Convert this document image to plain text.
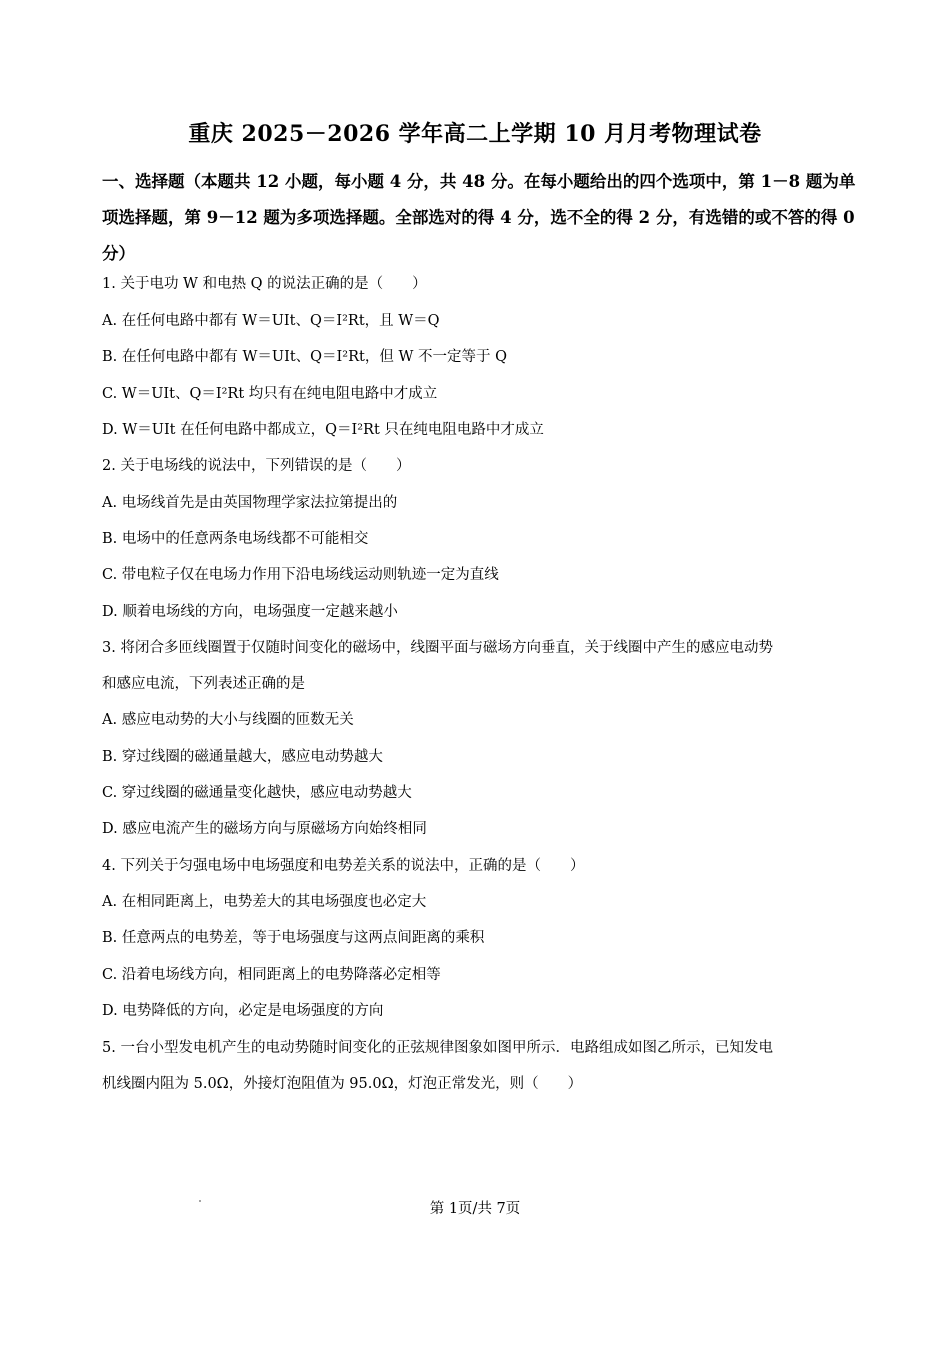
重庆 2025－2026 学年高二上学期 10 月月考物理试卷
一、选择题（本题共 12 小题，每小题 4 分，共 48 分。在每小题给出的四个选项中，第 1－8 题为单项选择题，第 9－12 题为多项选择题。全部选对的得 4 分，选不全的得 2 分，有选错的或不答的得 0 分）
1. 关于电功 W 和电热 Q 的说法正确的是（　　）
A. 在任何电路中都有 W＝UIt、Q＝I²Rt，且 W＝Q
B. 在任何电路中都有 W＝UIt、Q＝I²Rt，但 W 不一定等于 Q
C. W＝UIt、Q＝I²Rt 均只有在纯电阻电路中才成立
D. W＝UIt 在任何电路中都成立，Q＝I²Rt 只在纯电阻电路中才成立
2. 关于电场线的说法中，下列错误的是（　　）
A. 电场线首先是由英国物理学家法拉第提出的
B. 电场中的任意两条电场线都不可能相交
C. 带电粒子仅在电场力作用下沿电场线运动则轨迹一定为直线
D. 顺着电场线的方向，电场强度一定越来越小
3. 将闭合多匝线圈置于仅随时间变化的磁场中，线圈平面与磁场方向垂直，关于线圈中产生的感应电动势
和感应电流，下列表述正确的是
A. 感应电动势的大小与线圈的匝数无关
B. 穿过线圈的磁通量越大，感应电动势越大
C. 穿过线圈的磁通量变化越快，感应电动势越大
D. 感应电流产生的磁场方向与原磁场方向始终相同
4. 下列关于匀强电场中电场强度和电势差关系的说法中，正确的是（　　）
A. 在相同距离上，电势差大的其电场强度也必定大
B. 任意两点的电势差，等于电场强度与这两点间距离的乘积
C. 沿着电场线方向，相同距离上的电势降落必定相等
D. 电势降低的方向，必定是电场强度的方向
5. 一台小型发电机产生的电动势随时间变化的正弦规律图象如图甲所示．电路组成如图乙所示，已知发电
机线圈内阻为 5.0Ω，外接灯泡阻值为 95.0Ω，灯泡正常发光，则（　　）
第 1页/共 7页
